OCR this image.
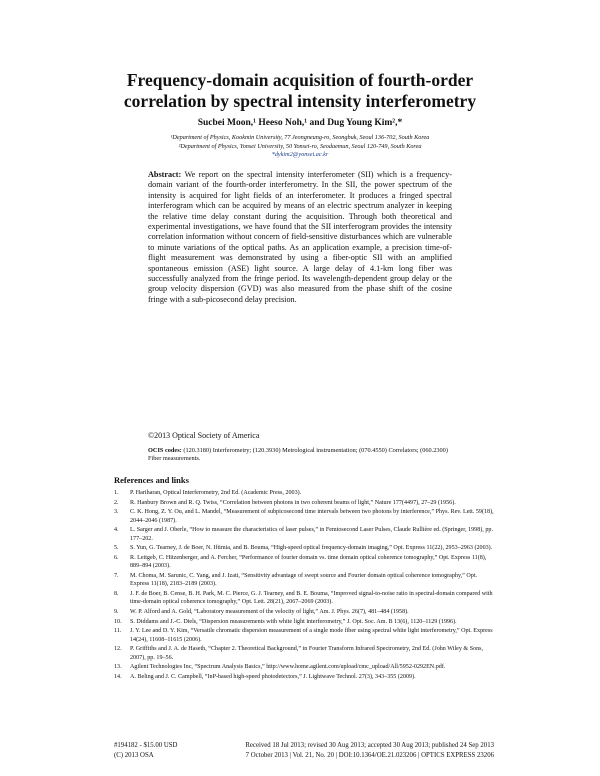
Frequency-domain acquisition of fourth-order
correlation by spectral intensity interferometry
Sucbei Moon,¹ Heeso Noh,¹ and Dug Young Kim²,*
¹Department of Physics, Kookmin University, 77 Jeongneung-ro, Seongbuk, Seoul 136-702, South Korea
²Department of Physics, Yonsei University, 50 Yonsei-ro, Seodaemun, Seoul 120-749, South Korea
*dykim2@yonsei.ac.kr
Abstract: We report on the spectral intensity interferometer (SII) which is a frequency-domain variant of the fourth-order interferometry. In the SII, the power spectrum of the intensity is acquired for light fields of an interferometer. It produces a fringed spectral interferogram which can be acquired by means of an electric spectrum analyzer in keeping the relative time delay constant during the acquisition. Through both theoretical and experimental investigations, we have found that the SII interferogram provides the intensity correlation information without concern of field-sensitive disturbances which are vulnerable to minute variations of the optical paths. As an application example, a precision time-of-flight measurement was demonstrated by using a fiber-optic SII with an amplified spontaneous emission (ASE) light source. A large delay of 4.1-km long fiber was successfully analyzed from the fringe period. Its wavelength-dependent group delay or the group velocity dispersion (GVD) was also measured from the phase shift of the cosine fringe with a sub-picosecond delay precision.
©2013 Optical Society of America
OCIS codes: (120.3180) Interferometry; (120.3930) Metrological instrumentation; (070.4550) Correlators; (060.2300) Fiber measurements.
References and links
1.	P. Hariharan, Optical Interferometry, 2nd Ed. (Academic Press, 2003).
2.	R. Hanbury Brown and R. Q. Twiss, “Correlation between photons in two coherent beams of light,” Nature 177(4497), 27–29 (1956).
3.	C. K. Hong, Z. Y. Ou, and L. Mandel, “Measurement of subpicosecond time intervals between two photons by interference,” Phys. Rev. Lett. 59(18), 2044–2046 (1987).
4.	L. Sarger and J. Oberle, “How to measure the characteristics of laser pulses,” in Femtosecond Laser Pulses, Claude Rullière ed. (Springer, 1998), pp. 177–202.
5.	S. Yun, G. Tearney, J. de Boer, N. Iftimia, and B. Bouma, “High-speed optical frequency-domain imaging,” Opt. Express 11(22), 2953–2963 (2003).
6.	R. Leitgeb, C. Hitzenberger, and A. Fercher, “Performance of fourier domain vs. time domain optical coherence tomography,” Opt. Express 11(8), 889–894 (2003).
7.	M. Choma, M. Sarunic, C. Yang, and J. Izatt, “Sensitivity advantage of swept source and Fourier domain optical coherence tomography,” Opt. Express 11(18), 2183–2189 (2003).
8.	J. F. de Boer, B. Cense, B. H. Park, M. C. Pierce, G. J. Tearney, and B. E. Bouma, “Improved signal-to-noise ratio in spectral-domain compared with time-domain optical coherence tomography,” Opt. Lett. 28(21), 2067–2069 (2003).
9.	W. P. Alford and A. Gold, “Laboratory measurement of the velocity of light,” Am. J. Phys. 26(7), 481–484 (1958).
10.	S. Diddams and J.-C. Diels, “Dispersion measurements with white light interferometry,” J. Opt. Soc. Am. B 13(6), 1120–1129 (1996).
11.	J. Y. Lee and D. Y. Kim, “Versatile chromatic dispersion measurement of a single mode fiber using spectral white light interferometry,” Opt. Express 14(24), 11608–11615 (2006).
12.	P. Griffiths and J. A. de Haseth, “Chapter 2. Theoretical Background,” in Fourier Transform Infrared Spectrometry, 2nd Ed. (John Wiley & Sons, 2007), pp. 19–56.
13.	Agilent Technologies Inc, “Spectrum Analysis Basics,” http://www.home.agilent.com/upload/cmc_upload/All/5952-0292EN.pdf.
14.	A. Beling and J. C. Campbell, “InP-based high-speed photodetectors,” J. Lightwave Technol. 27(3), 343–355 (2009).
#194182 - $15.00 USD	Received 18 Jul 2013; revised 30 Aug 2013; accepted 30 Aug 2013; published 24 Sep 2013
(C) 2013 OSA	7 October 2013 | Vol. 21, No. 20 | DOI:10.1364/OE.21.023206 | OPTICS EXPRESS 23206
